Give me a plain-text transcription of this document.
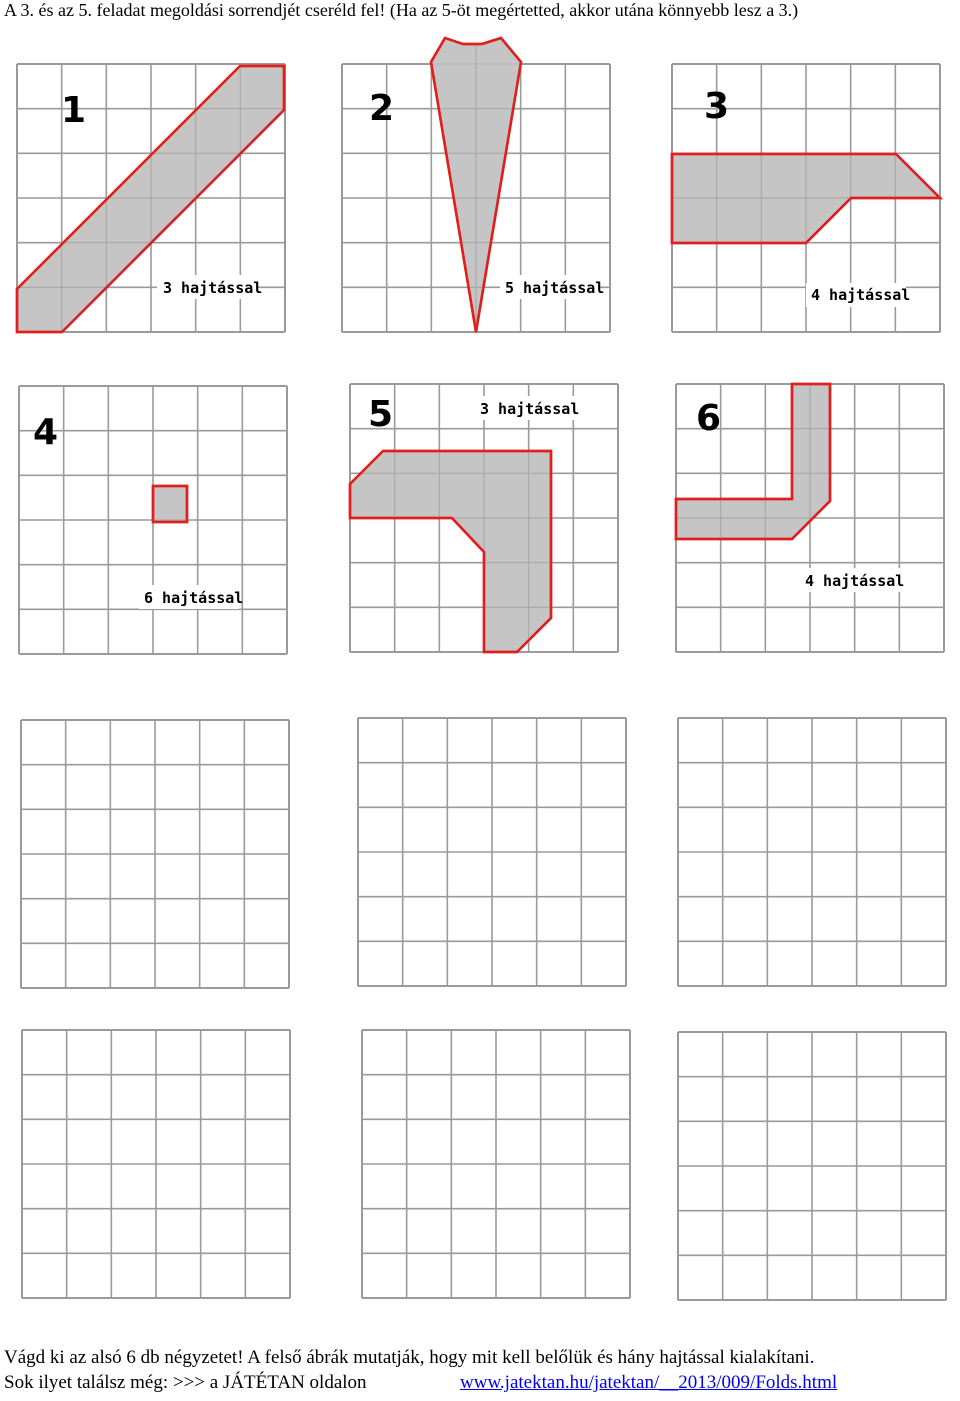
A 3. és az 5. feladat megoldási sorrendjét cseréld fel! (Ha az 5-öt megértetted, akkor utána könnyebb lesz a 3.)
1
3 hajtással
2
5 hajtással
3
4 hajtással
4
6 hajtással
5	3 hajtással	6
4 hajtással
Vágd ki az alsó 6 db négyzetet! A felső ábrák mutatják, hogy mit kell belőlük és hány hajtással kialakítani.
Sok ilyet találsz még: >>> a JÁTÉTAN oldalon	www.jatektan.hu/jatektan/__2013/009/Folds.html
